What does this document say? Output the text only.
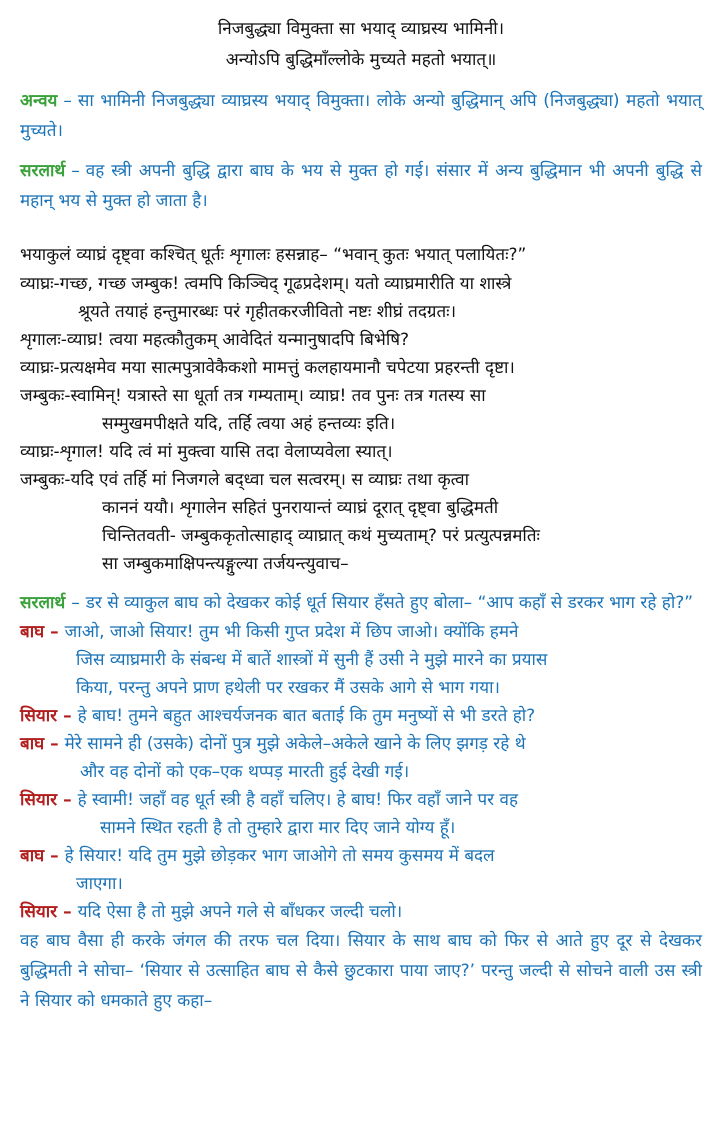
निजबुद्ध्या विमुक्ता सा भयाद् व्याघ्रस्य भामिनी।
अन्योऽपि बुद्धिमाँल्लोके मुच्यते महतो भयात्॥

अन्वय – सा भामिनी निजबुद्ध्या व्याघ्रस्य भयाद् विमुक्ता। लोके अन्यो बुद्धिमान् अपि (निजबुद्ध्या) महतो भयात् मुच्यते।

सरलार्थ – वह स्त्री अपनी बुद्धि द्वारा बाघ के भय से मुक्त हो गई। संसार में अन्य बुद्धिमान भी अपनी बुद्धि से महान् भय से मुक्त हो जाता है।

भयाकुलं व्याघ्रं दृष्ट्वा कश्चित् धूर्तः शृगालः हसन्नाह– “भवान् कुतः भयात् पलायितः?”

व्याघ्रः- गच्छ, गच्छ जम्बुक! त्वमपि किञ्चिद् गूढप्रदेशम्। यतो व्याघ्रमारीति या शास्त्रे
श्रूयते तयाहं हन्तुमारब्धः परं गृहीतकरजीवितो नष्टः शीघ्रं तदग्रतः।
शृगालः- व्याघ्र! त्वया महत्कौतुकम् आवेदितं यन्मानुषादपि बिभेषि?
व्याघ्रः- प्रत्यक्षमेव मया सात्मपुत्रावेकैकशो मामत्तुं कलहायमानौ चपेटया प्रहरन्ती दृष्टा।
जम्बुकः- स्वामिन्! यत्रास्ते सा धूर्ता तत्र गम्यताम्। व्याघ्र! तव पुनः तत्र गतस्य सा
सम्मुखमपीक्षते यदि, तर्हि त्वया अहं हन्तव्यः इति।
व्याघ्रः- शृगाल! यदि त्वं मां मुक्त्वा यासि तदा वेलाप्यवेला स्यात्।
जम्बुकः- यदि एवं तर्हि मां निजगले बद्ध्वा चल सत्वरम्। स व्याघ्रः तथा कृत्वा
काननं ययौ। शृगालेन सहितं पुनरायान्तं व्याघ्रं दूरात् दृष्ट्वा बुद्धिमती
चिन्तितवती- जम्बुककृतोत्साहाद् व्याघ्रात् कथं मुच्यताम्? परं प्रत्युत्पन्नमतिः
सा जम्बुकमाक्षिपन्त्यङ्गुल्या तर्जयन्त्युवाच–

सरलार्थ – डर से व्याकुल बाघ को देखकर कोई धूर्त सियार हँसते हुए बोला– “आप कहाँ से डरकर भाग रहे हो?”

बाघ – जाओ, जाओ सियार! तुम भी किसी गुप्त प्रदेश में छिप जाओ। क्योंकि हमने
जिस व्याघ्रमारी के संबन्ध में बातें शास्त्रों में सुनी हैं उसी ने मुझे मारने का प्रयास
किया, परन्तु अपने प्राण हथेली पर रखकर मैं उसके आगे से भाग गया।
सियार – हे बाघ! तुमने बहुत आश्चर्यजनक बात बताई कि तुम मनुष्यों से भी डरते हो?
बाघ – मेरे सामने ही (उसके) दोनों पुत्र मुझे अकेले–अकेले खाने के लिए झगड़ रहे थे
और वह दोनों को एक–एक थप्पड़ मारती हुई देखी गई।
सियार – हे स्वामी! जहाँ वह धूर्त स्त्री है वहाँ चलिए। हे बाघ! फिर वहाँ जाने पर वह
सामने स्थित रहती है तो तुम्हारे द्वारा मार दिए जाने योग्य हूँ।
बाघ – हे सियार! यदि तुम मुझे छोड़कर भाग जाओगे तो समय कुसमय में बदल
जाएगा।
सियार – यदि ऐसा है तो मुझे अपने गले से बाँधकर जल्दी चलो।

वह बाघ वैसा ही करके जंगल की तरफ चल दिया। सियार के साथ बाघ को फिर से आते हुए दूर से देखकर बुद्धिमती ने सोचा– ‘सियार से उत्साहित बाघ से कैसे छुटकारा पाया जाए?’ परन्तु जल्दी से सोचने वाली उस स्त्री ने सियार को धमकाते हुए कहा–
